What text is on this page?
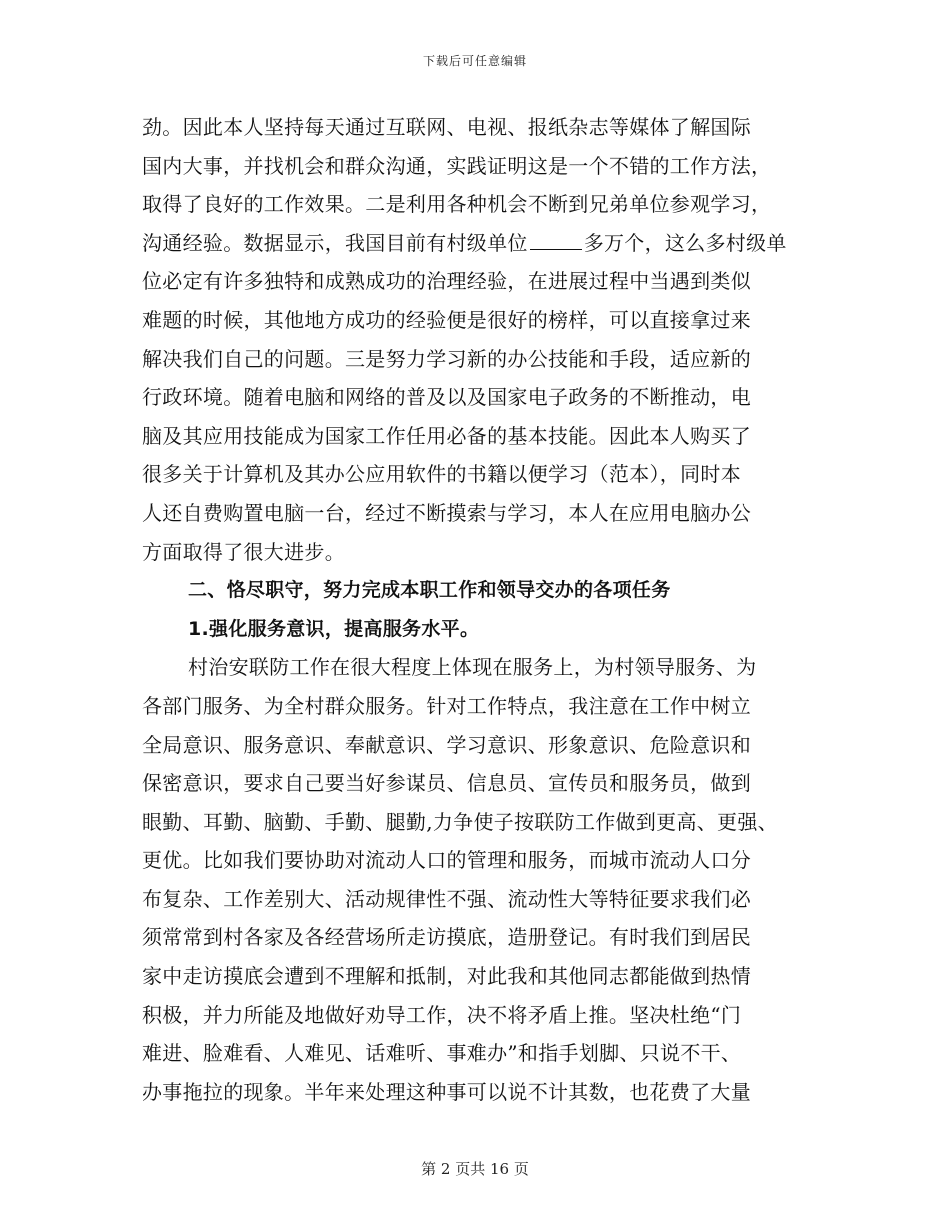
下载后可任意编辑
劲。因此本人坚持每天通过互联网、电视、报纸杂志等媒体了解国际
国内大事，并找机会和群众沟通，实践证明这是一个不错的工作方法，
取得了良好的工作效果。二是利用各种机会不断到兄弟单位参观学习，
沟通经验。数据显示，我国目前有村级单位	多万个，这么多村级单
位必定有许多独特和成熟成功的治理经验，在进展过程中当遇到类似
难题的时候，其他地方成功的经验便是很好的榜样，可以直接拿过来
解决我们自己的问题。三是努力学习新的办公技能和手段，适应新的
行政环境。随着电脑和网络的普及以及国家电子政务的不断推动，电
脑及其应用技能成为国家工作任用必备的基本技能。因此本人购买了
很多关于计算机及其办公应用软件的书籍以便学习（范本），同时本
人还自费购置电脑一台，经过不断摸索与学习，本人在应用电脑办公
方面取得了很大进步。
二、恪尽职守，努力完成本职工作和领导交办的各项任务
1.强化服务意识，提高服务水平。
村治安联防工作在很大程度上体现在服务上，为村领导服务、为
各部门服务、为全村群众服务。针对工作特点，我注意在工作中树立
全局意识、服务意识、奉献意识、学习意识、形象意识、危险意识和
保密意识，要求自己要当好参谋员、信息员、宣传员和服务员，做到
眼勤、耳勤、脑勤、手勤、腿勤,力争使子按联防工作做到更高、更强、
更优。比如我们要协助对流动人口的管理和服务，而城市流动人口分
布复杂、工作差别大、活动规律性不强、流动性大等特征要求我们必
须常常到村各家及各经营场所走访摸底，造册登记。有时我们到居民
家中走访摸底会遭到不理解和抵制，对此我和其他同志都能做到热情
积极，并力所能及地做好劝导工作，决不将矛盾上推。坚决杜绝“门
难进、脸难看、人难见、话难听、事难办”和指手划脚、只说不干、
办事拖拉的现象。半年来处理这种事可以说不计其数，也花费了大量
第 2 页共 16 页
